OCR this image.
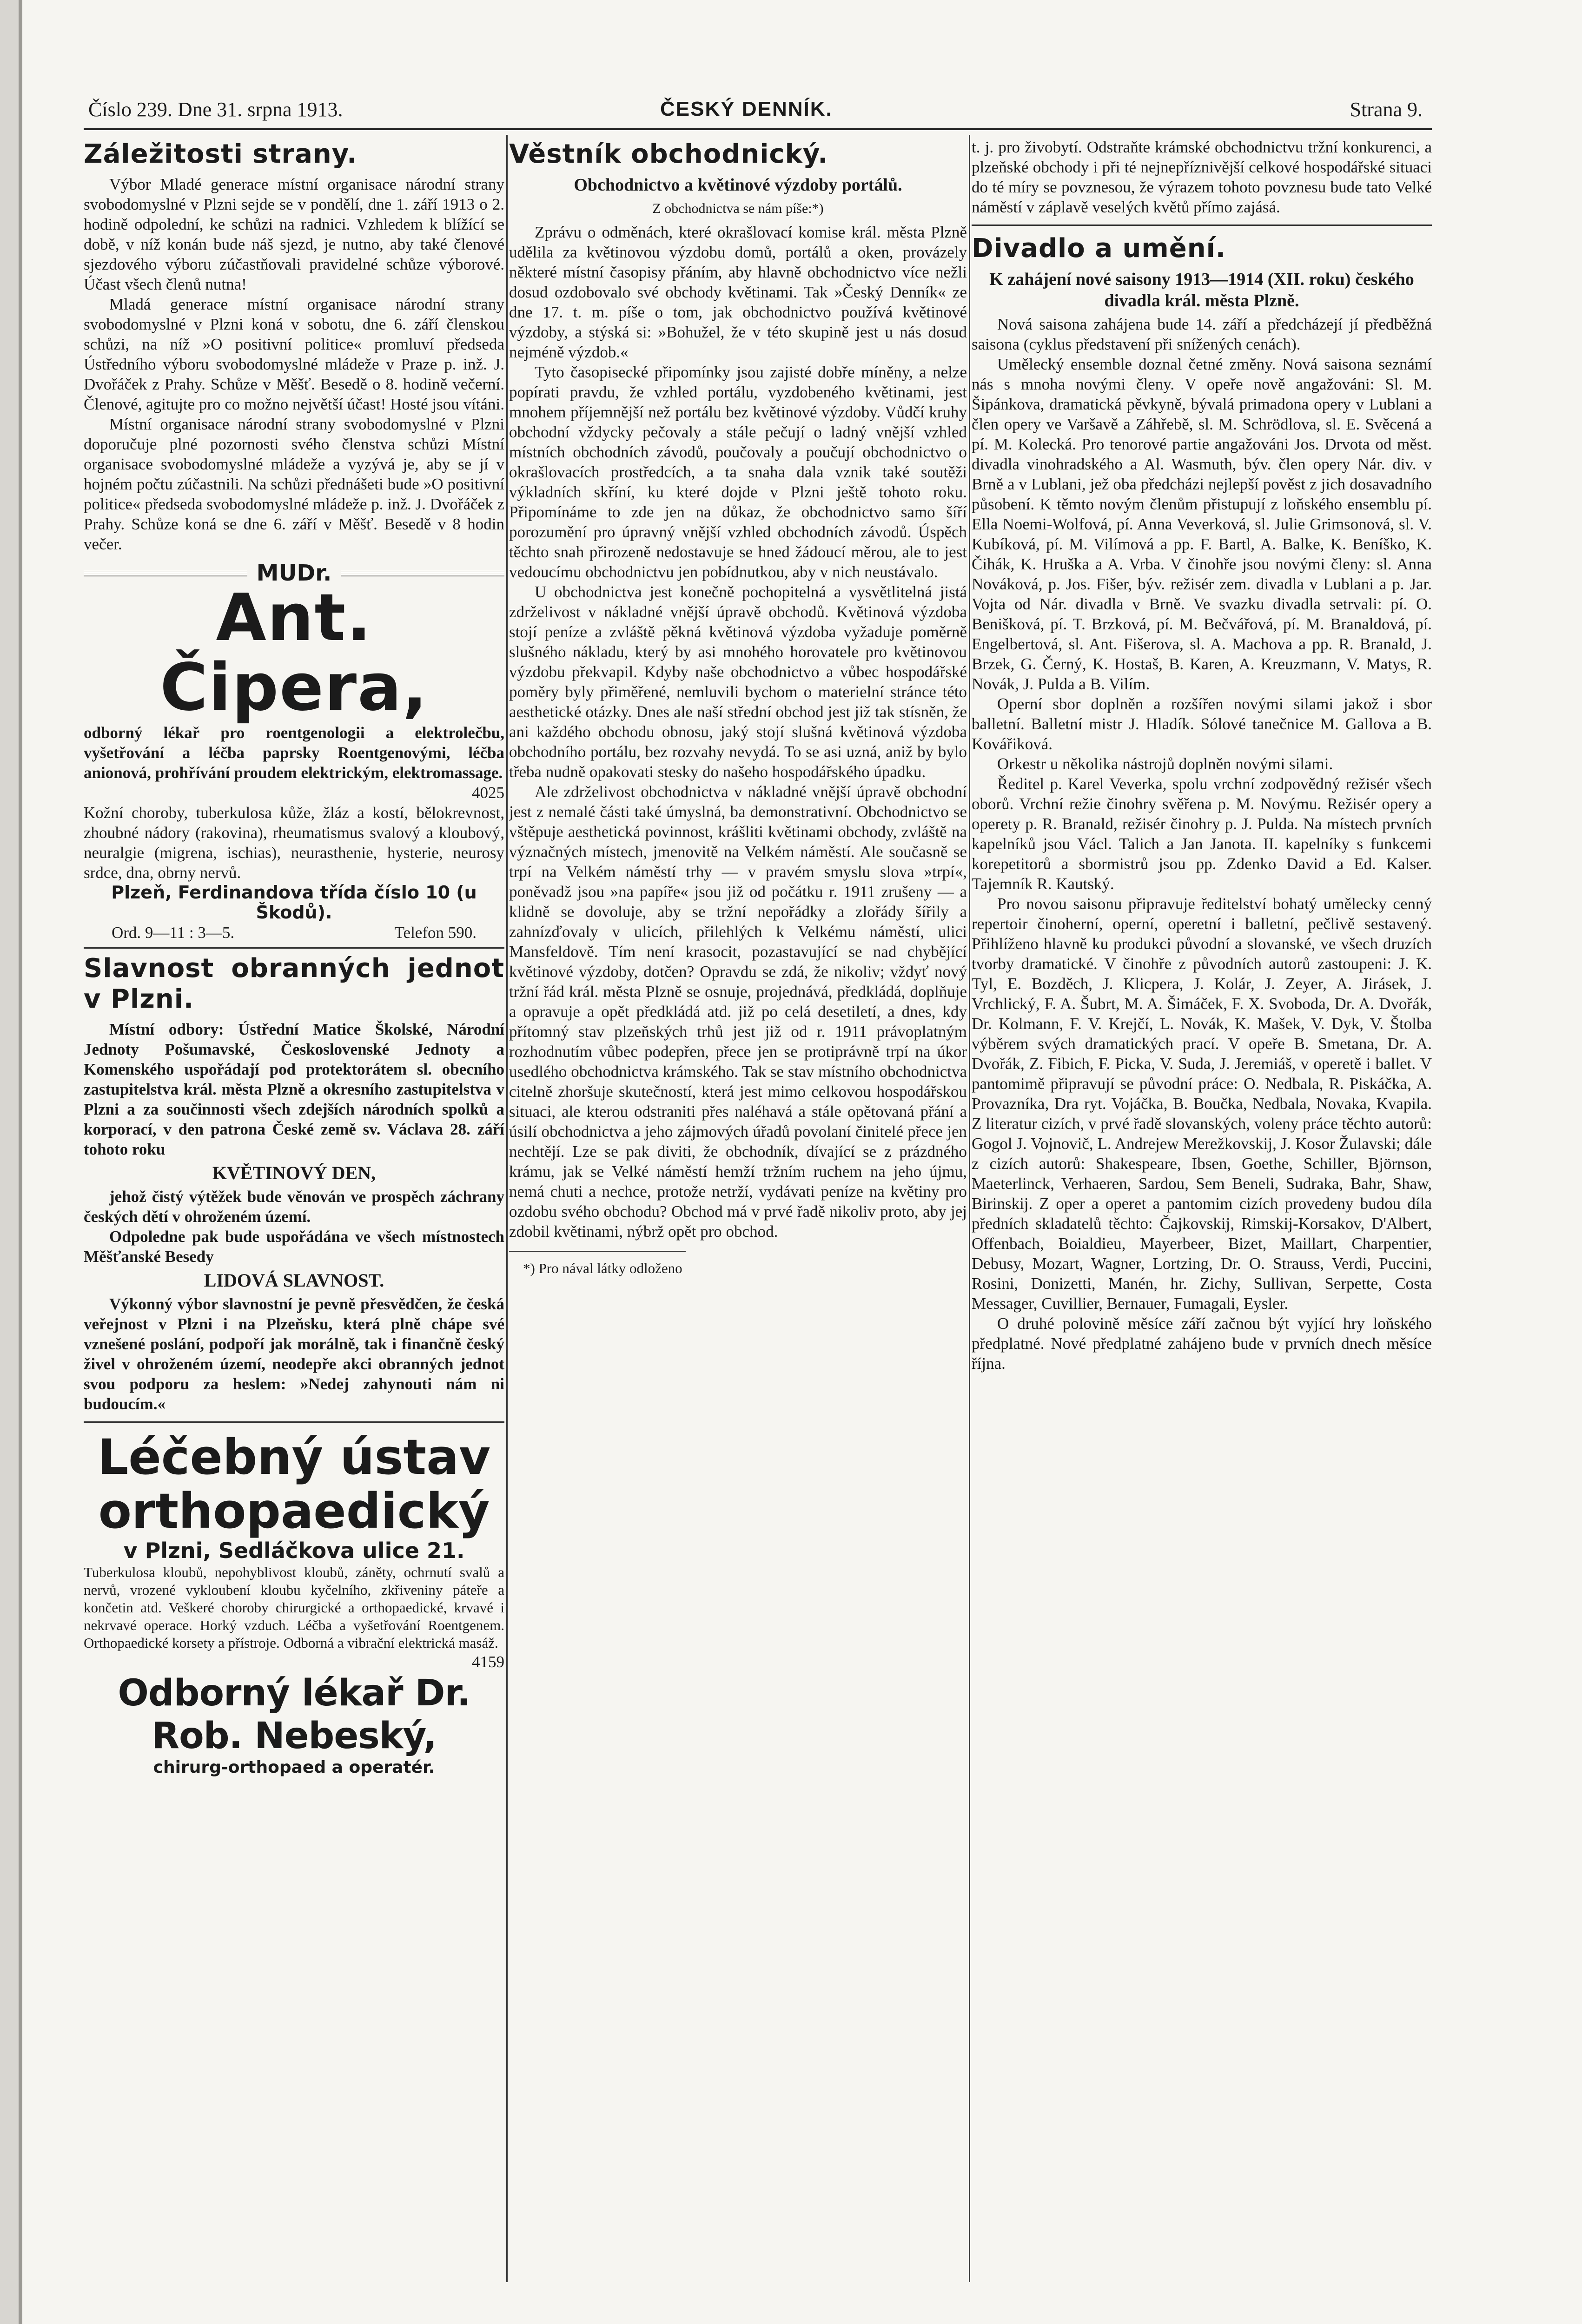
Číslo 239. Dne 31. srpna 1913.	ČESKÝ DENNÍK.	Strana 9.
Záležitosti strany.

Výbor Mladé generace místní organisace národní strany svobodomyslné v Plzni sejde se v pondělí, dne 1. září 1913 o 2. hodině odpolední, ke schůzi na radnici. Vzhledem k blížící se době, v níž konán bude náš sjezd, je nutno, aby také členové sjezdového výboru zúčastňovali pravidelné schůze výborové. Účast všech členů nutna!

Mladá generace místní organisace národní strany svobodomyslné v Plzni koná v sobotu, dne 6. září členskou schůzi, na níž »O positivní politice« promluví předseda Ústředního výboru svobodomyslné mládeže v Praze p. inž. J. Dvořáček z Prahy. Schůze v Měšť. Besedě o 8. hodině večerní. Členové, agitujte pro co možno největší účast! Hosté jsou vítáni.

Místní organisace národní strany svobodomyslné v Plzni doporučuje plné pozornosti svého členstva schůzi Místní organisace svobodomyslné mládeže a vyzývá je, aby se jí v hojném počtu zúčastnili. Na schůzi přednášeti bude »O positivní politice« předseda svobodomyslné mládeže p. inž. J. Dvořáček z Prahy. Schůze koná se dne 6. září v Měšť. Besedě v 8 hodin večer.

MUDr.
Ant. Čipera,

odborný lékař pro roentgenologii a elektrolečbu, vyšetřování a léčba paprsky Roentgenovými, léčba anionová, prohřívání proudem elektrickým, elektromassage.

4025

Kožní choroby, tuberkulosa kůže, žláz a kostí, bělokrevnost, zhoubné nádory (rakovina), rheumatismus svalový a kloubový, neuralgie (migrena, ischias), neurasthenie, hysterie, neurosy srdce, dna, obrny nervů.

Plzeň, Ferdinandova třída číslo 10 (u Škodů).
Ord. 9—11 : 3—5.	Telefon 590.
Slavnost obranných jednot v Plzni.

Místní odbory: Ústřední Matice Školské, Národní Jednoty Pošumavské, Československé Jednoty a Komenského uspořádají pod protektorátem sl. obecního zastupitelstva král. města Plzně a okresního zastupitelstva v Plzni a za součinnosti všech zdejších národních spolků a korporací, v den patrona České země sv. Václava 28. září tohoto roku

KVĚTINOVÝ DEN,

jehož čistý výtěžek bude věnován ve prospěch záchrany českých dětí v ohroženém území.

Odpoledne pak bude uspořádána ve všech místnostech Měšťanské Besedy

LIDOVÁ SLAVNOST.

Výkonný výbor slavnostní je pevně přesvědčen, že česká veřejnost v Plzni i na Plzeňsku, která plně chápe své vznešené poslání, podpoří jak morálně, tak i finančně český živel v ohroženém území, neodepře akci obranných jednot svou podporu za heslem: »Nedej zahynouti nám ni budoucím.«

Léčebný ústav orthopaedický
v Plzni, Sedláčkova ulice 21.

Tuberkulosa kloubů, nepohyblivost kloubů, záněty, ochrnutí svalů a nervů, vrozené vykloubení kloubu kyčelního, zkřiveniny páteře a končetin atd. Veškeré choroby chirurgické a orthopaedické, krvavé i nekrvavé operace. Horký vzduch. Léčba a vyšetřování Roentgenem. Orthopaedické korsety a přístroje. Odborná a vibrační elektrická masáž.

4159
Odborný lékař Dr. Rob. Nebeský,
chirurg-orthopaed a operatér.
Věstník obchodnický.
Obchodnictvo a květinové výzdoby portálů.
Z obchodnictva se nám píše:*)

Zprávu o odměnách, které okrašlovací komise král. města Plzně udělila za květinovou výzdobu domů, portálů a oken, provázely některé místní časopisy přáním, aby hlavně obchodnictvo více nežli dosud ozdobovalo své obchody květinami. Tak »Český Denník« ze dne 17. t. m. píše o tom, jak obchodnictvo používá květinové výzdoby, a stýská si: »Bohužel, že v této skupině jest u nás dosud nejméně výzdob.«

Tyto časopisecké připomínky jsou zajisté dobře míněny, a nelze popírati pravdu, že vzhled portálu, vyzdobeného květinami, jest mnohem příjemnější než portálu bez květinové výzdoby. Vůdčí kruhy obchodní vždycky pečovaly a stále pečují o ladný vnější vzhled místních obchodních závodů, poučovaly a poučují obchodnictvo o okrašlovacích prostředcích, a ta snaha dala vznik také soutěži výkladních skříní, ku které dojde v Plzni ještě tohoto roku. Připomínáme to zde jen na důkaz, že obchodnictvo samo šíří porozumění pro úpravný vnější vzhled obchodních závodů. Úspěch těchto snah přirozeně nedostavuje se hned žádoucí měrou, ale to jest vedoucímu obchodnictvu jen pobídnutkou, aby v nich neustávalo.

U obchodnictva jest konečně pochopitelná a vysvětlitelná jistá zdrželivost v nákladné vnější úpravě obchodů. Květinová výzdoba stojí peníze a zvláště pěkná květinová výzdoba vyžaduje poměrně slušného nákladu, který by asi mnohého horovatele pro květinovou výzdobu překvapil. Kdyby naše obchodnictvo a vůbec hospodářské poměry byly přiměřené, nemluvili bychom o materielní stránce této aesthetické otázky. Dnes ale naší střední obchod jest již tak stísněn, že ani každého obchodu obnosu, jaký stojí slušná květinová výzdoba obchodního portálu, bez rozvahy nevydá. To se asi uzná, aniž by bylo třeba nudně opakovati stesky do našeho hospodářského úpadku.

Ale zdrželivost obchodnictva v nákladné vnější úpravě obchodní jest z nemalé části také úmyslná, ba demonstrativní. Obchodnictvo se vštěpuje aesthetická povinnost, krášliti květinami obchody, zvláště na význačných místech, jmenovitě na Velkém náměstí. Ale současně se trpí na Velkém náměstí trhy — v pravém smyslu slova »trpí«, poněvadž jsou »na papíře« jsou již od počátku r. 1911 zrušeny — a klidně se dovoluje, aby se tržní nepořádky a zlořády šířily a zahnízďovaly v ulicích, přilehlých k Velkému náměstí, ulici Mansfeldově. Tím není krasocit, pozastavující se nad chybějící květinové výzdoby, dotčen? Opravdu se zdá, že nikoliv; vždyť nový tržní řád král. města Plzně se osnuje, projednává, předkládá, doplňuje a opravuje a opět předkládá atd. již po celá desetiletí, a dnes, kdy přítomný stav plzeňských trhů jest již od r. 1911 právoplatným rozhodnutím vůbec podepřen, přece jen se protiprávně trpí na úkor usedlého obchodnictva krámského. Tak se stav místního obchodnictva citelně zhoršuje skutečností, která jest mimo celkovou hospodářskou situaci, ale kterou odstraniti přes naléhavá a stále opětovaná přání a úsilí obchodnictva a jeho zájmových úřadů povolaní činitelé přece jen nechtějí. Lze se pak diviti, že obchodník, dívající se z prázdného krámu, jak se Velké náměstí hemží tržním ruchem na jeho újmu, nemá chuti a nechce, protože netrží, vydávati peníze na květiny pro ozdobu svého obchodu? Obchod má v prvé řadě nikoliv proto, aby jej zdobil květinami, nýbrž opět pro obchod.

*) Pro nával látky odloženo

t. j. pro živobytí. Odstraňte krámské obchodnictvu tržní konkurenci, a plzeňské obchody i při té nejnepříznivější celkové hospodářské situaci do té míry se povznesou, že výrazem tohoto povznesu bude tato Velké náměstí v záplavě veselých květů přímo zajásá.

Divadlo a umění.
K zahájení nové saisony 1913—1914 (XII. roku) českého divadla král. města Plzně.

Nová saisona zahájena bude 14. září a předcházejí jí předběžná saisona (cyklus představení při snížených cenách).

Umělecký ensemble doznal četné změny. Nová saisona seznámí nás s mnoha novými členy. V opeře nově angažováni: Sl. M. Šipánkova, dramatická pěvkyně, bývalá primadona opery v Lublani a člen opery ve Varšavě a Záhřebě, sl. M. Schrödlova, sl. E. Svěcená a pí. M. Kolecká. Pro tenorové partie angažováni Jos. Drvota od měst. divadla vinohradského a Al. Wasmuth, býv. člen opery Nár. div. v Brně a v Lublani, jež oba předcházi nejlepší pověst z jich dosavadního působení. K těmto novým členům přistupují z loňského ensemblu pí. Ella Noemi-Wolfová, pí. Anna Veverková, sl. Julie Grimsonová, sl. V. Kubíková, pí. M. Vilímová a pp. F. Bartl, A. Balke, K. Beníško, K. Čihák, K. Hruška a A. Vrba. V činohře jsou novými členy: sl. Anna Nováková, p. Jos. Fišer, býv. režisér zem. divadla v Lublani a p. Jar. Vojta od Nár. divadla v Brně. Ve svazku divadla setrvali: pí. O. Benišková, pí. T. Brzková, pí. M. Bečvářová, pí. M. Branaldová, pí. Engelbertová, sl. Ant. Fišerova, sl. A. Machova a pp. R. Branald, J. Brzek, G. Černý, K. Hostaš, B. Karen, A. Kreuzmann, V. Matys, R. Novák, J. Pulda a B. Vilím.

Operní sbor doplněn a rozšířen novými silami jakož i sbor balletní. Balletní mistr J. Hladík. Sólové tanečnice M. Gallova a B. Kovářiková.

Orkestr u několika nástrojů doplněn novými silami.

Ředitel p. Karel Veverka, spolu vrchní zodpovědný režisér všech oborů. Vrchní režie činohry svěřena p. M. Novýmu. Režisér opery a operety p. R. Branald, režisér činohry p. J. Pulda. Na místech prvních kapelníků jsou Václ. Talich a Jan Janota. II. kapelníky s funkcemi korepetitorů a sbormistrů jsou pp. Zdenko David a Ed. Kalser. Tajemník R. Kautský.

Pro novou saisonu připravuje ředitelství bohatý umělecky cenný repertoir činoherní, operní, operetní i balletní, pečlivě sestavený. Přihlíženo hlavně ku produkci původní a slovanské, ve všech druzích tvorby dramatické. V činohře z původních autorů zastoupeni: J. K. Tyl, E. Bozděch, J. Klicpera, J. Kolár, J. Zeyer, A. Jirásek, J. Vrchlický, F. A. Šubrt, M. A. Šimáček, F. X. Svoboda, Dr. A. Dvořák, Dr. Kolmann, F. V. Krejčí, L. Novák, K. Mašek, V. Dyk, V. Štolba výběrem svých dramatických prací. V opeře B. Smetana, Dr. A. Dvořák, Z. Fibich, F. Picka, V. Suda, J. Jeremiáš, v operetě i ballet. V pantomimě připravují se původní práce: O. Nedbala, R. Piskáčka, A. Provazníka, Dra ryt. Vojáčka, B. Boučka, Nedbala, Novaka, Kvapila. Z literatur cizích, v prvé řadě slovanských, voleny práce těchto autorů: Gogol J. Vojnovič, L. Andrejew Merežkovskij, J. Kosor Žulavski; dále z cizích autorů: Shakespeare, Ibsen, Goethe, Schiller, Björnson, Maeterlinck, Verhaeren, Sardou, Sem Beneli, Sudraka, Bahr, Shaw, Birinskij. Z oper a operet a pantomim cizích provedeny budou díla předních skladatelů těchto: Čajkovskij, Rimskij-Korsakov, D'Albert, Offenbach, Boialdieu, Mayerbeer, Bizet, Maillart, Charpentier, Debusy, Mozart, Wagner, Lortzing, Dr. O. Strauss, Verdi, Puccini, Rosini, Donizetti, Manén, hr. Zichy, Sullivan, Serpette, Costa Messager, Cuvillier, Bernauer, Fumagali, Eysler.

O druhé polovině měsíce září začnou být vyjící hry loňského předplatné. Nové předplatné zahájeno bude v prvních dnech měsíce října.
